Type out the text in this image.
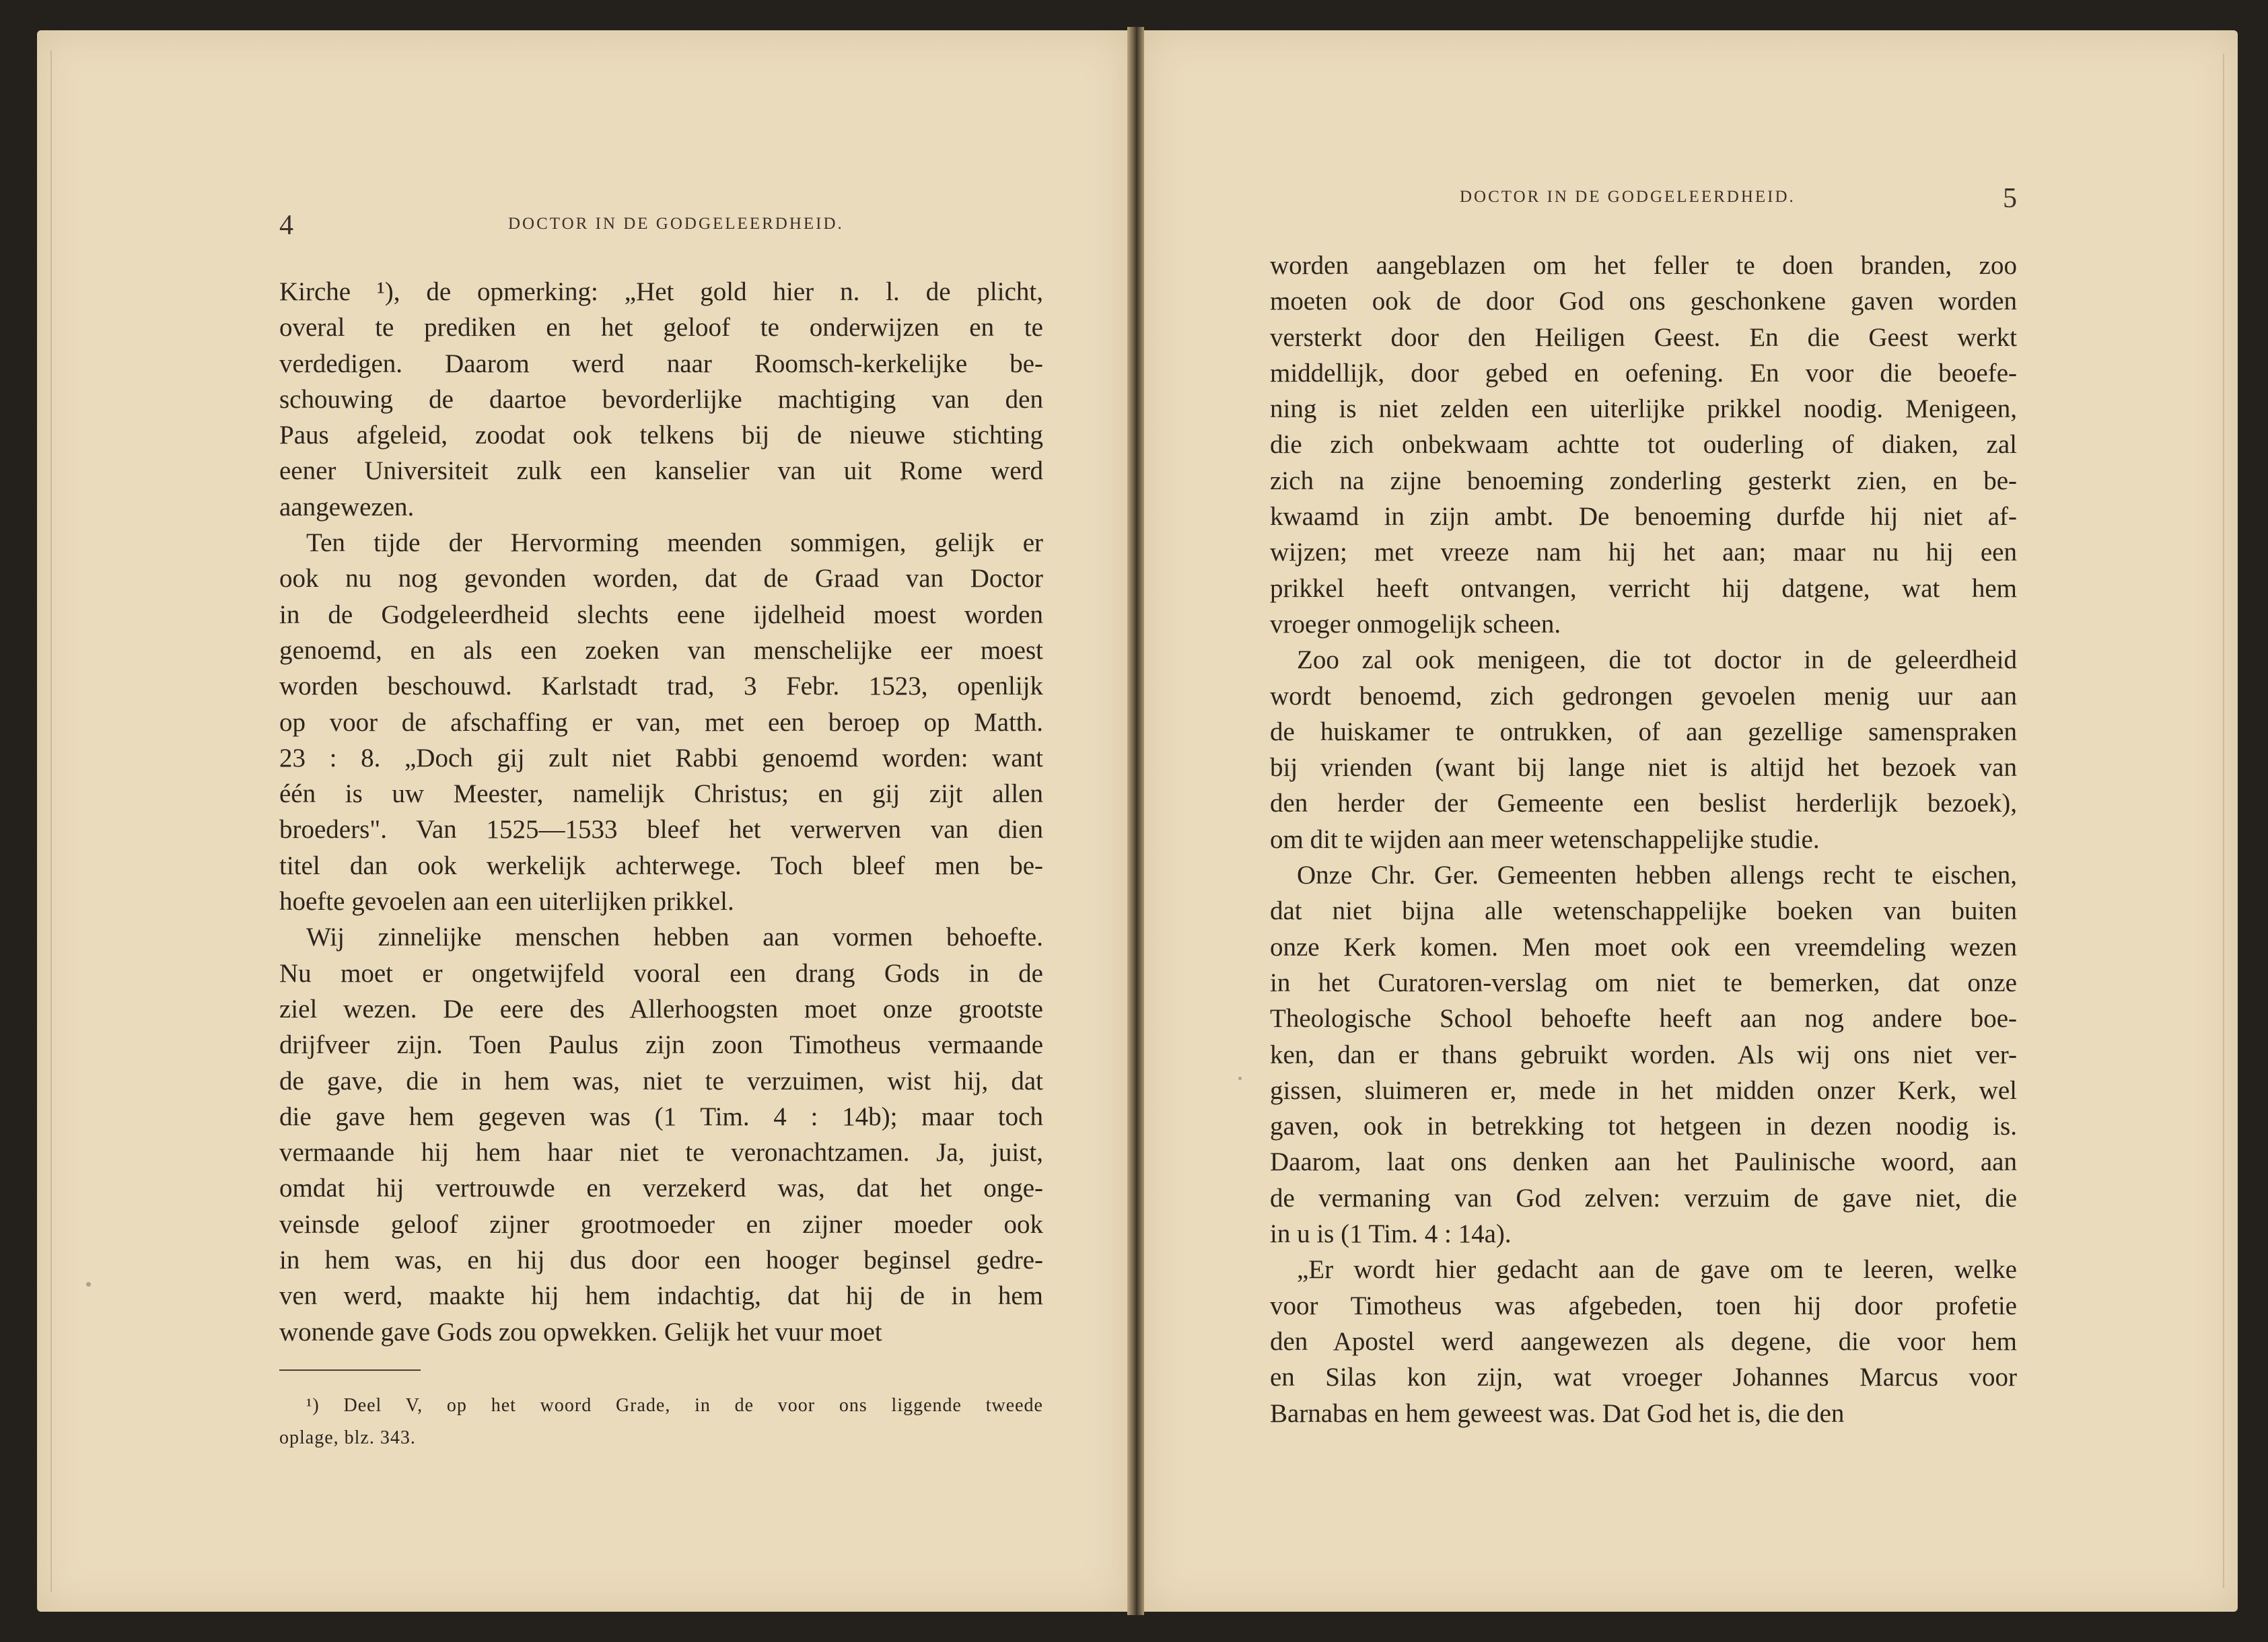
4	DOCTOR IN DE GODGELEERDHEID.
Kirche ¹), de opmerking: „Het gold hier n. l. de plicht,
overal te prediken en het geloof te onderwijzen en te
verdedigen. Daarom werd naar Roomsch-kerkelijke be-
schouwing de daartoe bevorderlijke machtiging van den
Paus afgeleid, zoodat ook telkens bij de nieuwe stichting
eener Universiteit zulk een kanselier van uit Rome werd
aangewezen.
Ten tijde der Hervorming meenden sommigen, gelijk er
ook nu nog gevonden worden, dat de Graad van Doctor
in de Godgeleerdheid slechts eene ijdelheid moest worden
genoemd, en als een zoeken van menschelijke eer moest
worden beschouwd. Karlstadt trad, 3 Febr. 1523, openlijk
op voor de afschaffing er van, met een beroep op Matth.
23 : 8. „Doch gij zult niet Rabbi genoemd worden: want
één is uw Meester, namelijk Christus; en gij zijt allen
broeders". Van 1525—1533 bleef het verwerven van dien
titel dan ook werkelijk achterwege. Toch bleef men be-
hoefte gevoelen aan een uiterlijken prikkel.
Wij zinnelijke menschen hebben aan vormen behoefte.
Nu moet er ongetwijfeld vooral een drang Gods in de
ziel wezen. De eere des Allerhoogsten moet onze grootste
drijfveer zijn. Toen Paulus zijn zoon Timotheus vermaande
de gave, die in hem was, niet te verzuimen, wist hij, dat
die gave hem gegeven was (1 Tim. 4 : 14b); maar toch
vermaande hij hem haar niet te veronachtzamen. Ja, juist,
omdat hij vertrouwde en verzekerd was, dat het onge-
veinsde geloof zijner grootmoeder en zijner moeder ook
in hem was, en hij dus door een hooger beginsel gedre-
ven werd, maakte hij hem indachtig, dat hij de in hem
wonende gave Gods zou opwekken. Gelijk het vuur moet
¹) Deel V, op het woord Grade, in de voor ons liggende tweede
oplage, blz. 343.
DOCTOR IN DE GODGELEERDHEID.	5
worden aangeblazen om het feller te doen branden, zoo
moeten ook de door God ons geschonkene gaven worden
versterkt door den Heiligen Geest. En die Geest werkt
middellijk, door gebed en oefening. En voor die beoefe-
ning is niet zelden een uiterlijke prikkel noodig. Menigeen,
die zich onbekwaam achtte tot ouderling of diaken, zal
zich na zijne benoeming zonderling gesterkt zien, en be-
kwaamd in zijn ambt. De benoeming durfde hij niet af-
wijzen; met vreeze nam hij het aan; maar nu hij een
prikkel heeft ontvangen, verricht hij datgene, wat hem
vroeger onmogelijk scheen.
Zoo zal ook menigeen, die tot doctor in de geleerdheid
wordt benoemd, zich gedrongen gevoelen menig uur aan
de huiskamer te ontrukken, of aan gezellige samensprakеn
bij vrienden (want bij lange niet is altijd het bezoek van
den herder der Gemeente een beslist herderlijk bezoek),
om dit te wijden aan meer wetenschappelijke studie.
Onze Chr. Ger. Gemeenten hebben allengs recht te eischen,
dat niet bijna alle wetenschappelijke boeken van buiten
onze Kerk komen. Men moet ook een vreemdeling wezen
in het Curatoren-verslag om niet te bemerken, dat onze
Theologische School behoefte heeft aan nog andere boe-
ken, dan er thans gebruikt worden. Als wij ons niet ver-
gissen, sluimeren er, mede in het midden onzer Kerk, wel
gaven, ook in betrekking tot hetgeen in dezen noodig is.
Daarom, laat ons denken aan het Paulinische woord, aan
de vermaning van God zelven: verzuim de gave niet, die
in u is (1 Tim. 4 : 14a).
„Er wordt hier gedacht aan de gave om te leeren, welke
voor Timotheus was afgebeden, toen hij door profetie
den Apostel werd aangewezen als degene, die voor hem
en Silas kon zijn, wat vroeger Johannes Marcus voor
Barnabas en hem geweest was. Dat God het is, die den
